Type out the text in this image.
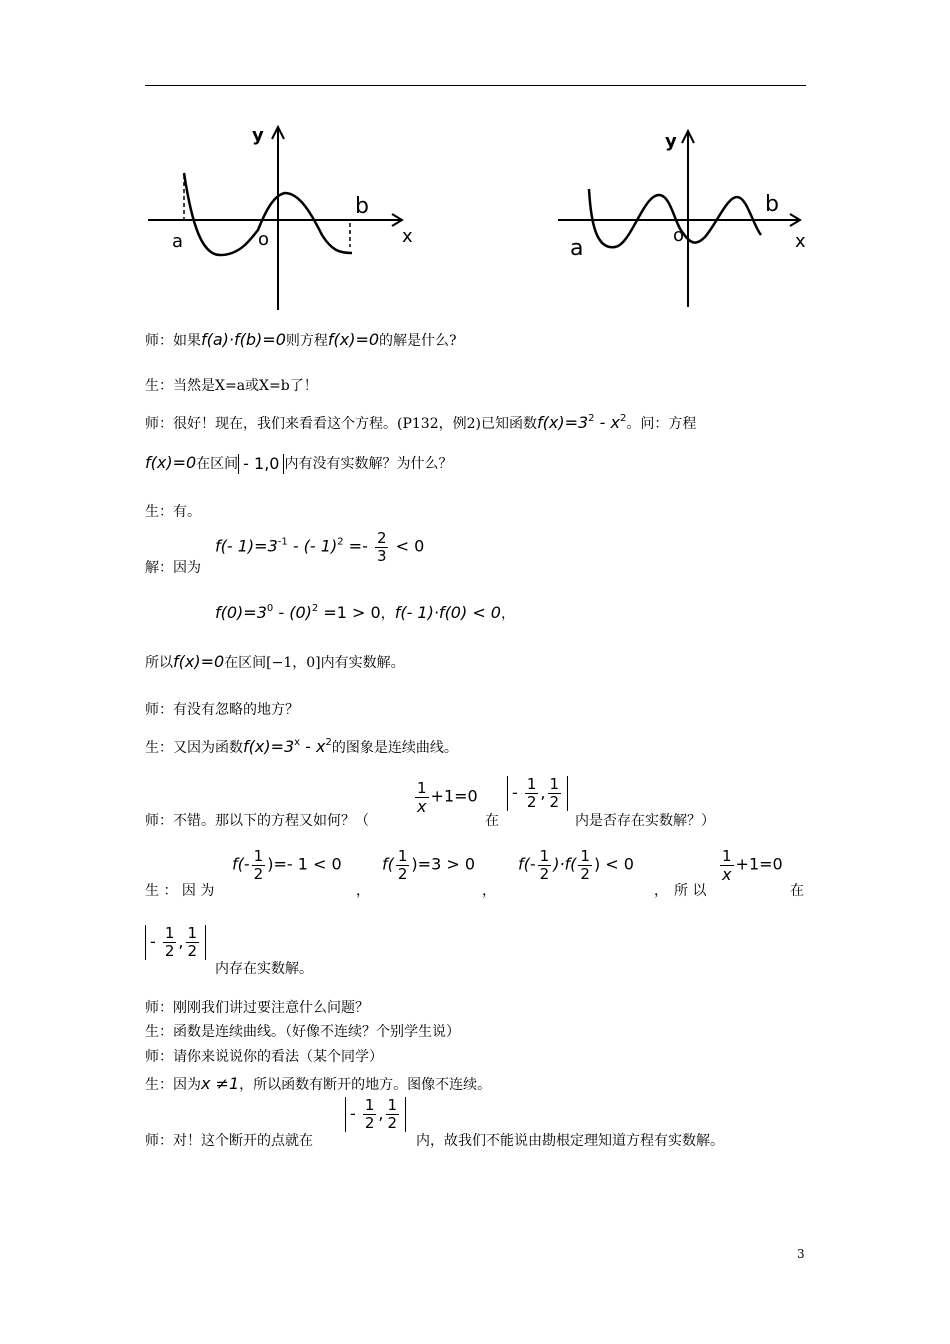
y
x
a	o
b
y
x
a
o
b
师：如果f(a)·f(b)=0则方程f(x)=0的解是什么?
生：当然是X=a或X=b了！
师：很好！现在，我们来看看这个方程。(P132，例2)已知函数$f(x)=3^2 - x^2$。问：方程
f(x)=0在区间 - 1,0 内有没有实数解？为什么？
生：有。
解：因为
f(- $1)=3^{-1}$ - (- $1)^2 =- \frac{2}{3} < 0$
$f(0)=3^0 - (0)^2 =1 > 0$，f(- 1)·f(0) < 0，
所以f(x)=0在区间[−1，0]内有实数解。
师：有没有忽略的地方？
生：又因为函数$f(x)=3^x - x^2$的图象是连续曲线。
师：不错。那以下的方程又如何？（
$\frac{1}{x} +1=0$
在
- $\frac{1}{2}$ , $\frac{1}{2}$
内是否存在实数解？）
生 ： 因 为
$f(- \frac{1}{2}$ )=- 1 < 0
，
$f( \frac{1}{2} )=3 > 0$
，
$f(- \frac{1}{2} )\cdot f( \frac{1}{2}$ ) < 0
， 所 以
$\frac{1}{x} +1=0$
在
- $\frac{1}{2}$ , $\frac{1}{2}$
内存在实数解。
师：刚刚我们讲过要注意什么问题？
生：函数是连续曲线。（好像不连续？个别学生说）
师：请你来说说你的看法（某个同学）
生：因为x ≠1，所以函数有断开的地方。图像不连续。
师：对！这个断开的点就在
- $\frac{1}{2}$ , $\frac{1}{2}$
内，故我们不能说由勘根定理知道方程有实数解。
3
